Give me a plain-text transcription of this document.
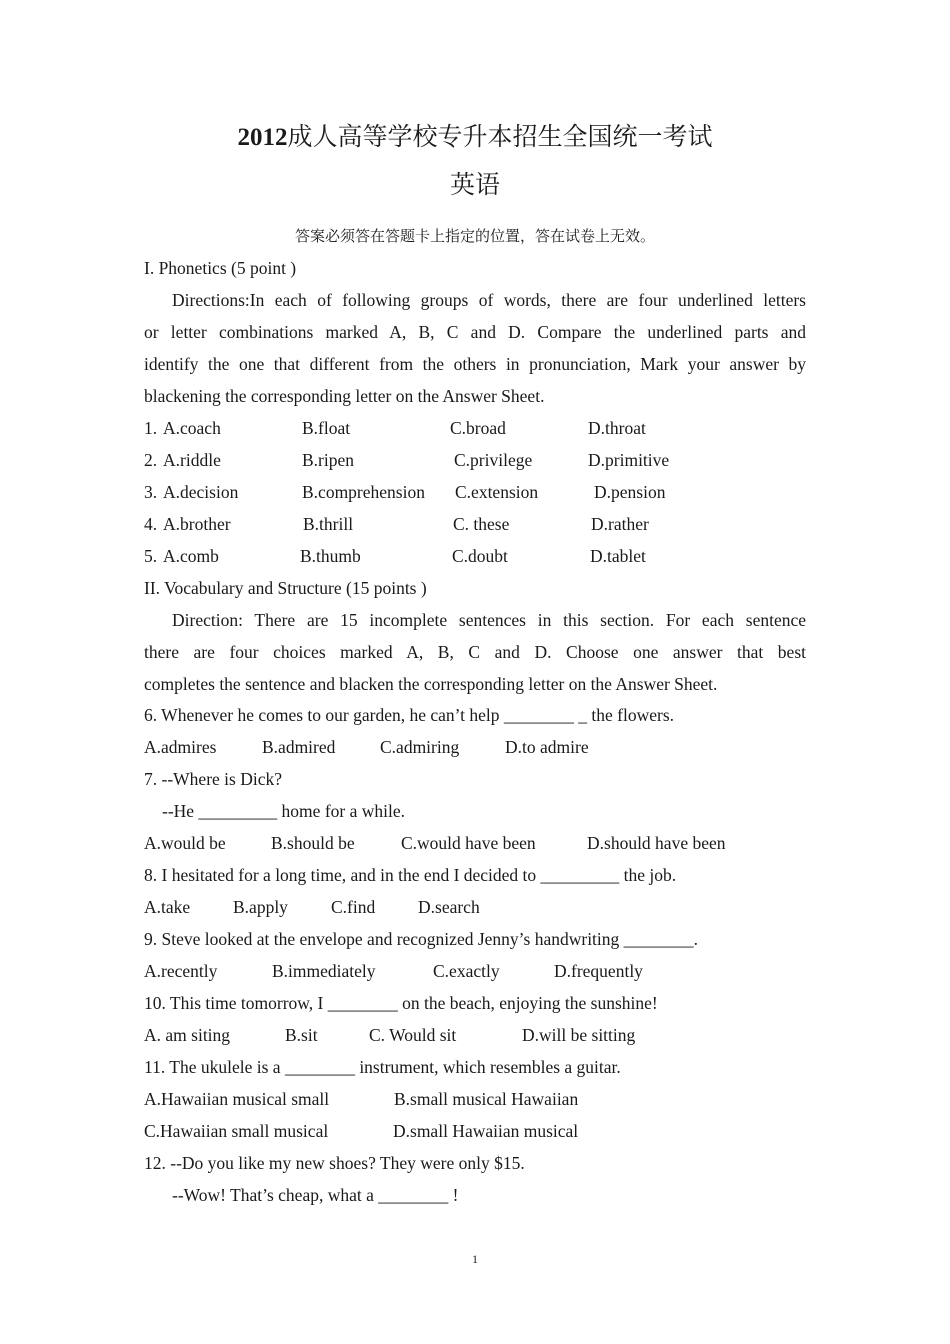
2012成人高等学校专升本招生全国统一考试
英语
答案必须答在答题卡上指定的位置，答在试卷上无效。
I. Phonetics (5 point )
Directions:In each of following groups of words, there are four underlined letters
or letter combinations marked A, B, C and D. Compare the underlined parts and
identify the one that different from the others in pronunciation, Mark your answer by
blackening the corresponding letter on the Answer Sheet.
1. A.coach	B.float	C.broad	D.throat
2. A.riddle	B.ripen	C.privilege	D.primitive
3. A.decision	B.comprehension C.extension	D.pension
4. A.brother	B.thrill	C. these	D.rather
5. A.comb	B.thumb	C.doubt	D.tablet
II. Vocabulary and Structure (15 points )
Direction: There are 15 incomplete sentences in this section. For each sentence
there are four choices marked A, B, C and D. Choose one answer that best
completes the sentence and blacken the corresponding letter on the Answer Sheet.
6. Whenever he comes to our garden, he can’t help ________ _ the flowers.
A.admires	B.admired	C.admiring	D.to admire
7. --Where is Dick?
--He _________ home for a while.
A.would be	B.should be	C.would have been	D.should have been
8. I hesitated for a long time, and in the end I decided to _________ the job.
A.take B.apply C.find D.search
9. Steve looked at the envelope and recognized Jenny’s handwriting ________.
A.recently	B.immediately	C.exactly	D.frequently
10. This time tomorrow, I ________ on the beach, enjoying the sunshine!
A. am siting	B.sit	C. Would sit	D.will be sitting
11. The ukulele is a ________ instrument, which resembles a guitar.
A.Hawaiian musical small	B.small musical Hawaiian
C.Hawaiian small musical	D.small Hawaiian musical
12. --Do you like my new shoes? They were only $15.
--Wow! That’s cheap, what a ________ !
1
